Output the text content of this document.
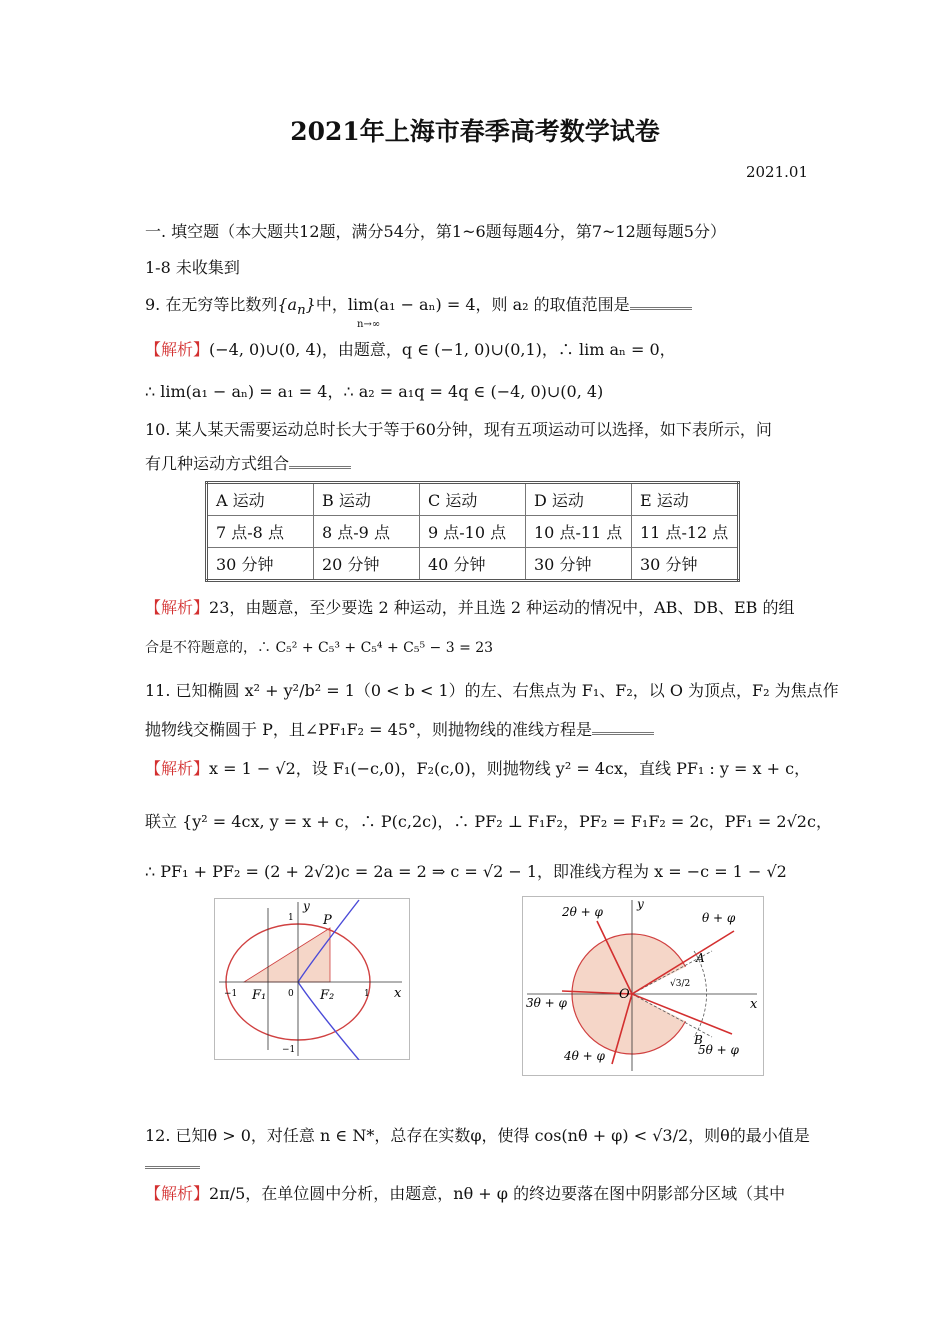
2021年上海市春季高考数学试卷
2021.01
一. 填空题（本大题共12题，满分54分，第1~6题每题4分，第7~12题每题5分）
1-8 未收集到
9. 在无穷等比数列$\{a_n\}$中，lim(a₁ − aₙ) = 4，则 a₂ 的取值范围是
n→∞
【解析】(−4, 0)∪(0, 4)，由题意，q ∈ (−1, 0)∪(0,1)，∴ lim aₙ = 0，
∴ lim(a₁ − aₙ) = a₁ = 4，∴ a₂ = a₁q = 4q ∈ (−4, 0)∪(0, 4)
10. 某人某天需要运动总时长大于等于60分钟，现有五项运动可以选择，如下表所示，问
有几种运动方式组合
A 运动	B 运动	C 运动	D 运动	E 运动
7 点-8 点	8 点-9 点	9 点-10 点	10 点-11 点	11 点-12 点
30 分钟	20 分钟	40 分钟	30 分钟	30 分钟
【解析】23，由题意，至少要选 2 种运动，并且选 2 种运动的情况中，AB、DB、EB 的组
合是不符题意的，∴ C₅² + C₅³ + C₅⁴ + C₅⁵ − 3 = 23
11. 已知椭圆 x² + y²/b² = 1（0 < b < 1）的左、右焦点为 F₁、F₂，以 O 为顶点，F₂ 为焦点作
抛物线交椭圆于 P，且∠PF₁F₂ = 45°，则抛物线的准线方程是
【解析】x = 1 − √2，设 F₁(−c,0)，F₂(c,0)，则抛物线 y² = 4cx，直线 PF₁ : y = x + c，
联立 {y² = 4cx, y = x + c，∴ P(c,2c)，∴ PF₂ ⊥ F₁F₂，PF₂ = F₁F₂ = 2c，PF₁ = 2√2c，
∴ PF₁ + PF₂ = (2 + 2√2)c = 2a = 2 ⇒ c = √2 − 1，即准线方程为 x = −c = 1 − √2
x
y
P
F₁	F₂
0
1
−1
1
−1
x
y
O
A
B
√3/2
θ + φ
2θ + φ
3θ + φ
4θ + φ	5θ + φ
12. 已知θ > 0，对任意 n ∈ N*，总存在实数φ，使得 cos(nθ + φ) < √3/2，则θ的最小值是
【解析】2π/5，在单位圆中分析，由题意，nθ + φ 的终边要落在图中阴影部分区域（其中
